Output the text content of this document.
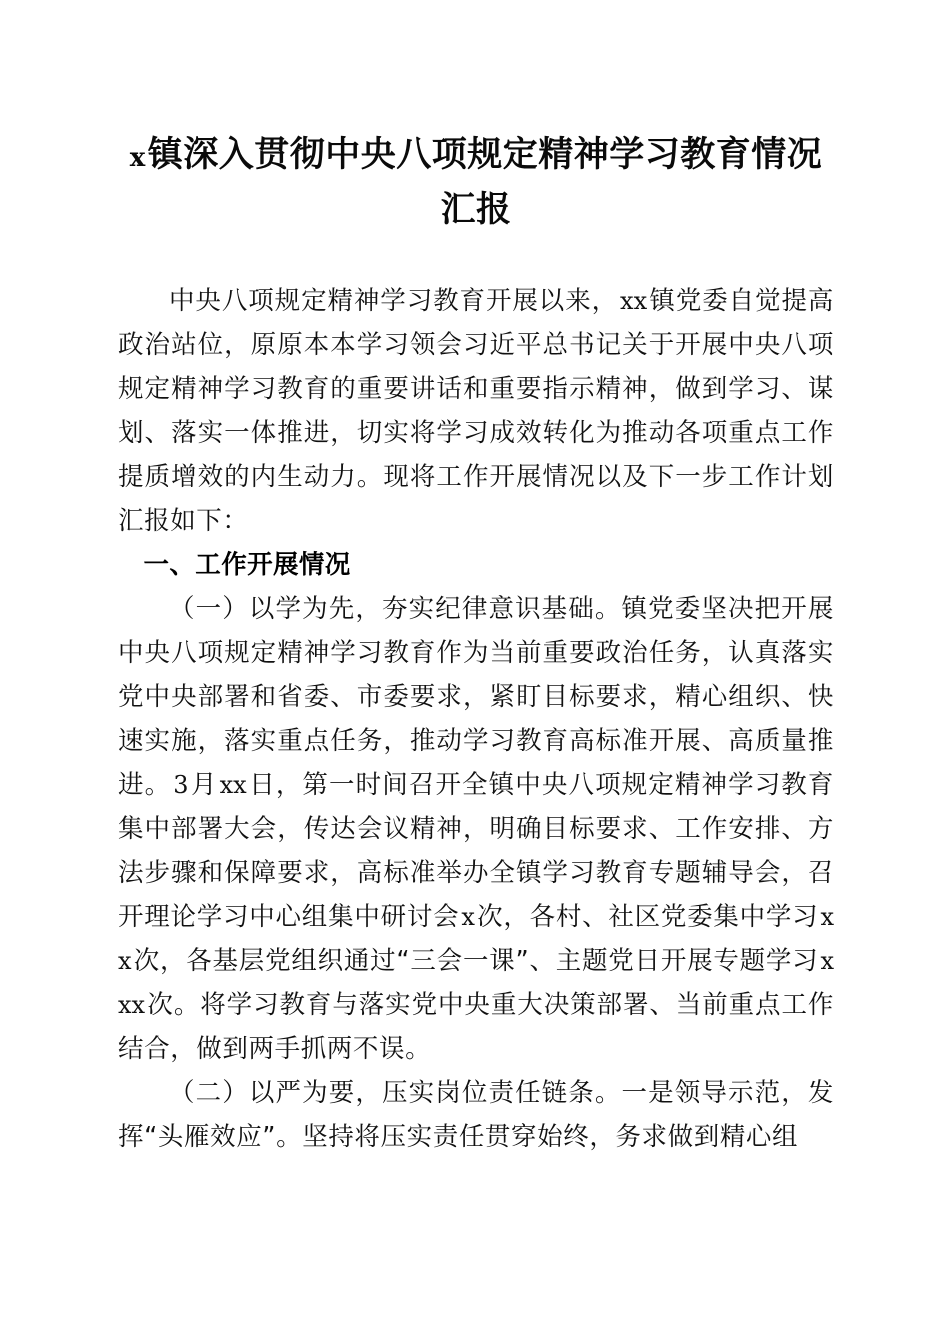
x镇深入贯彻中央八项规定精神学习教育情况汇报

中央八项规定精神学习教育开展以来，xx镇党委自觉提高政治站位，原原本本学习领会习近平总书记关于开展中央八项规定精神学习教育的重要讲话和重要指示精神，做到学习、谋划、落实一体推进，切实将学习成效转化为推动各项重点工作提质增效的内生动力。现将工作开展情况以及下一步工作计划汇报如下：

一、工作开展情况

（一）以学为先，夯实纪律意识基础。镇党委坚决把开展中央八项规定精神学习教育作为当前重要政治任务，认真落实党中央部署和省委、市委要求，紧盯目标要求，精心组织、快速实施，落实重点任务，推动学习教育高标准开展、高质量推进。3月xx日，第一时间召开全镇中央八项规定精神学习教育集中部署大会，传达会议精神，明确目标要求、工作安排、方法步骤和保障要求，高标准举办全镇学习教育专题辅导会，召开理论学习中心组集中研讨会x次，各村、社区党委集中学习xx次，各基层党组织通过“三会一课”、主题党日开展专题学习xxx次。将学习教育与落实党中央重大决策部署、当前重点工作结合，做到两手抓两不误。

（二）以严为要，压实岗位责任链条。一是领导示范，发挥“头雁效应”。坚持将压实责任贯穿始终，务求做到精心组
